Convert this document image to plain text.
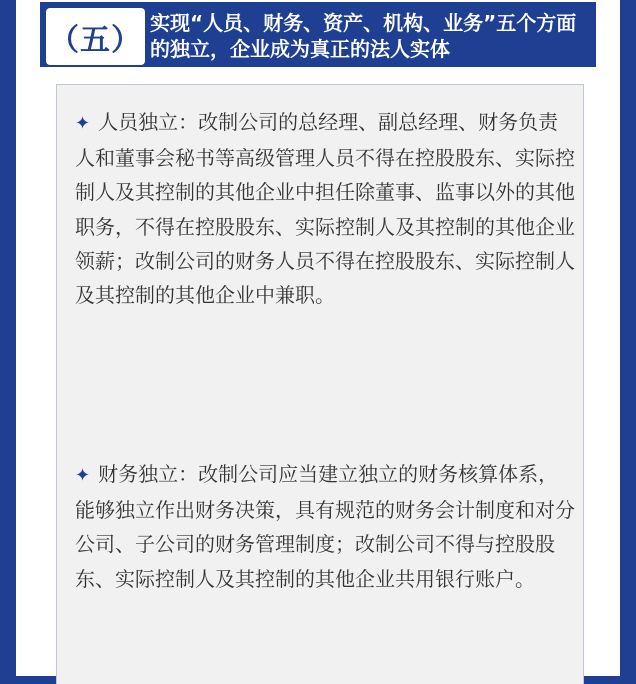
（五） 实现“人员、财务、资产、机构、业务”五个方面的独立，企业成为真正的法人实体

✦ 人员独立：改制公司的总经理、副总经理、财务负责人和董事会秘书等高级管理人员不得在控股股东、实际控制人及其控制的其他企业中担任除董事、监事以外的其他职务，不得在控股股东、实际控制人及其控制的其他企业领薪；改制公司的财务人员不得在控股股东、实际控制人及其控制的其他企业中兼职。

✦ 财务独立：改制公司应当建立独立的财务核算体系，能够独立作出财务决策，具有规范的财务会计制度和对分公司、子公司的财务管理制度；改制公司不得与控股股东、实际控制人及其控制的其他企业共用银行账户。
